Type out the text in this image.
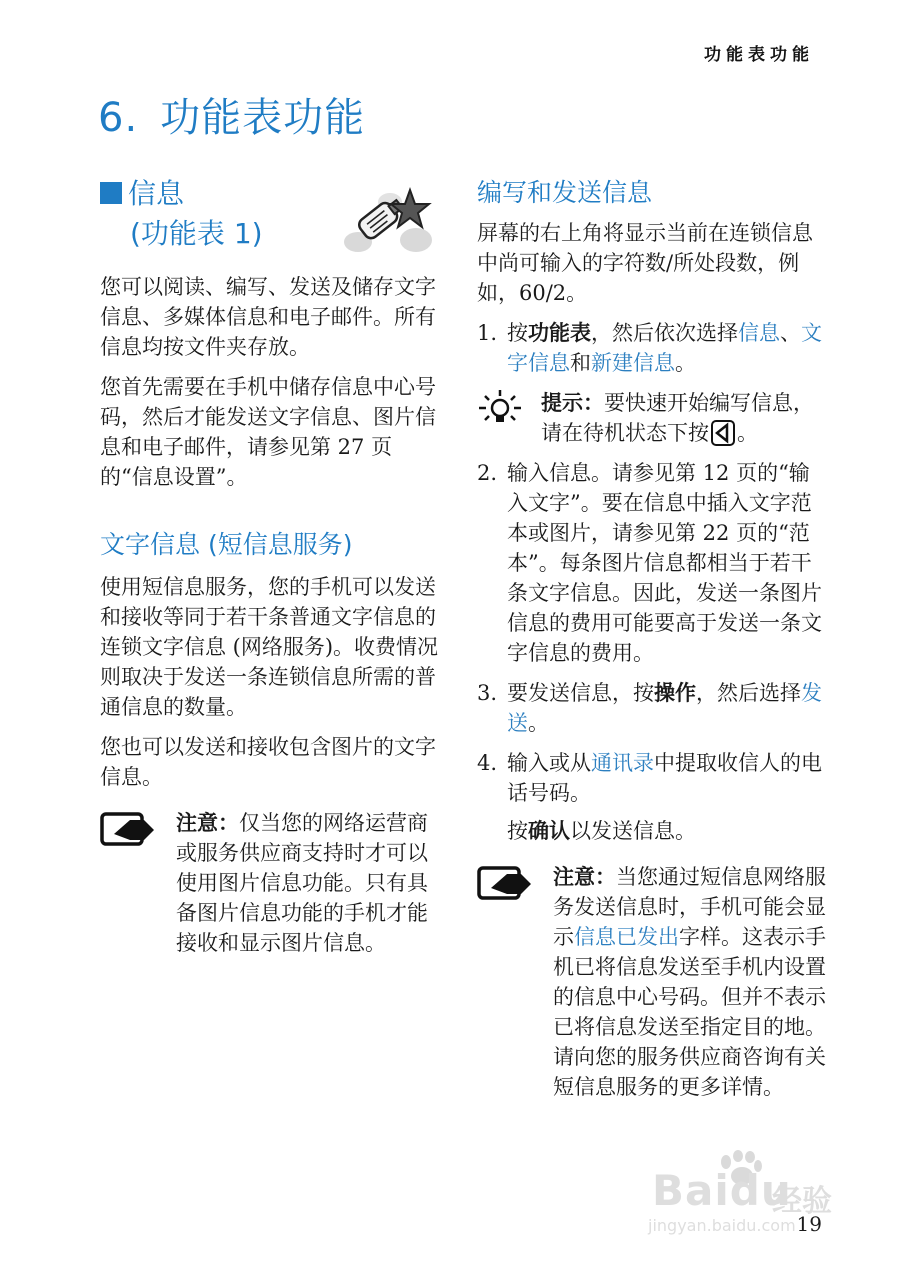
功能表功能
6. 功能表功能
信息
(功能表 1)

您可以阅读、编写、发送及储存文字信息、多媒体信息和电子邮件。所有信息均按文件夹存放。

您首先需要在手机中储存信息中心号码，然后才能发送文字信息、图片信息和电子邮件，请参见第 27 页的“信息设置”。

文字信息 (短信息服务)

使用短信息服务，您的手机可以发送和接收等同于若干条普通文字信息的连锁文字信息 (网络服务)。收费情况则取决于发送一条连锁信息所需的普通信息的数量。

您也可以发送和接收包含图片的文字信息。

注意：仅当您的网络运营商或服务供应商支持时才可以使用图片信息功能。只有具备图片信息功能的手机才能接收和显示图片信息。

编写和发送信息

屏幕的右上角将显示当前在连锁信息中尚可输入的字符数/所处段数，例如，60/2。

1. 按功能表，然后依次选择信息、文字信息和新建信息。

提示：要快速开始编写信息，请在待机状态下按 。

2. 输入信息。请参见第 12 页的“输入文字”。要在信息中插入文字范本或图片，请参见第 22 页的“范本”。每条图片信息都相当于若干条文字信息。因此，发送一条图片信息的费用可能要高于发送一条文字信息的费用。
3. 要发送信息，按操作，然后选择发送。
4. 输入或从通讯录中提取收信人的电话号码。

按确认以发送信息。

注意：当您通过短信息网络服务发送信息时，手机可能会显示信息已发出字样。这表示手机已将信息发送至手机内设置的信息中心号码。但并不表示已将信息发送至指定目的地。请向您的服务供应商咨询有关短信息服务的更多详情。

Baidu
经验
jingyan.baidu.com 19
